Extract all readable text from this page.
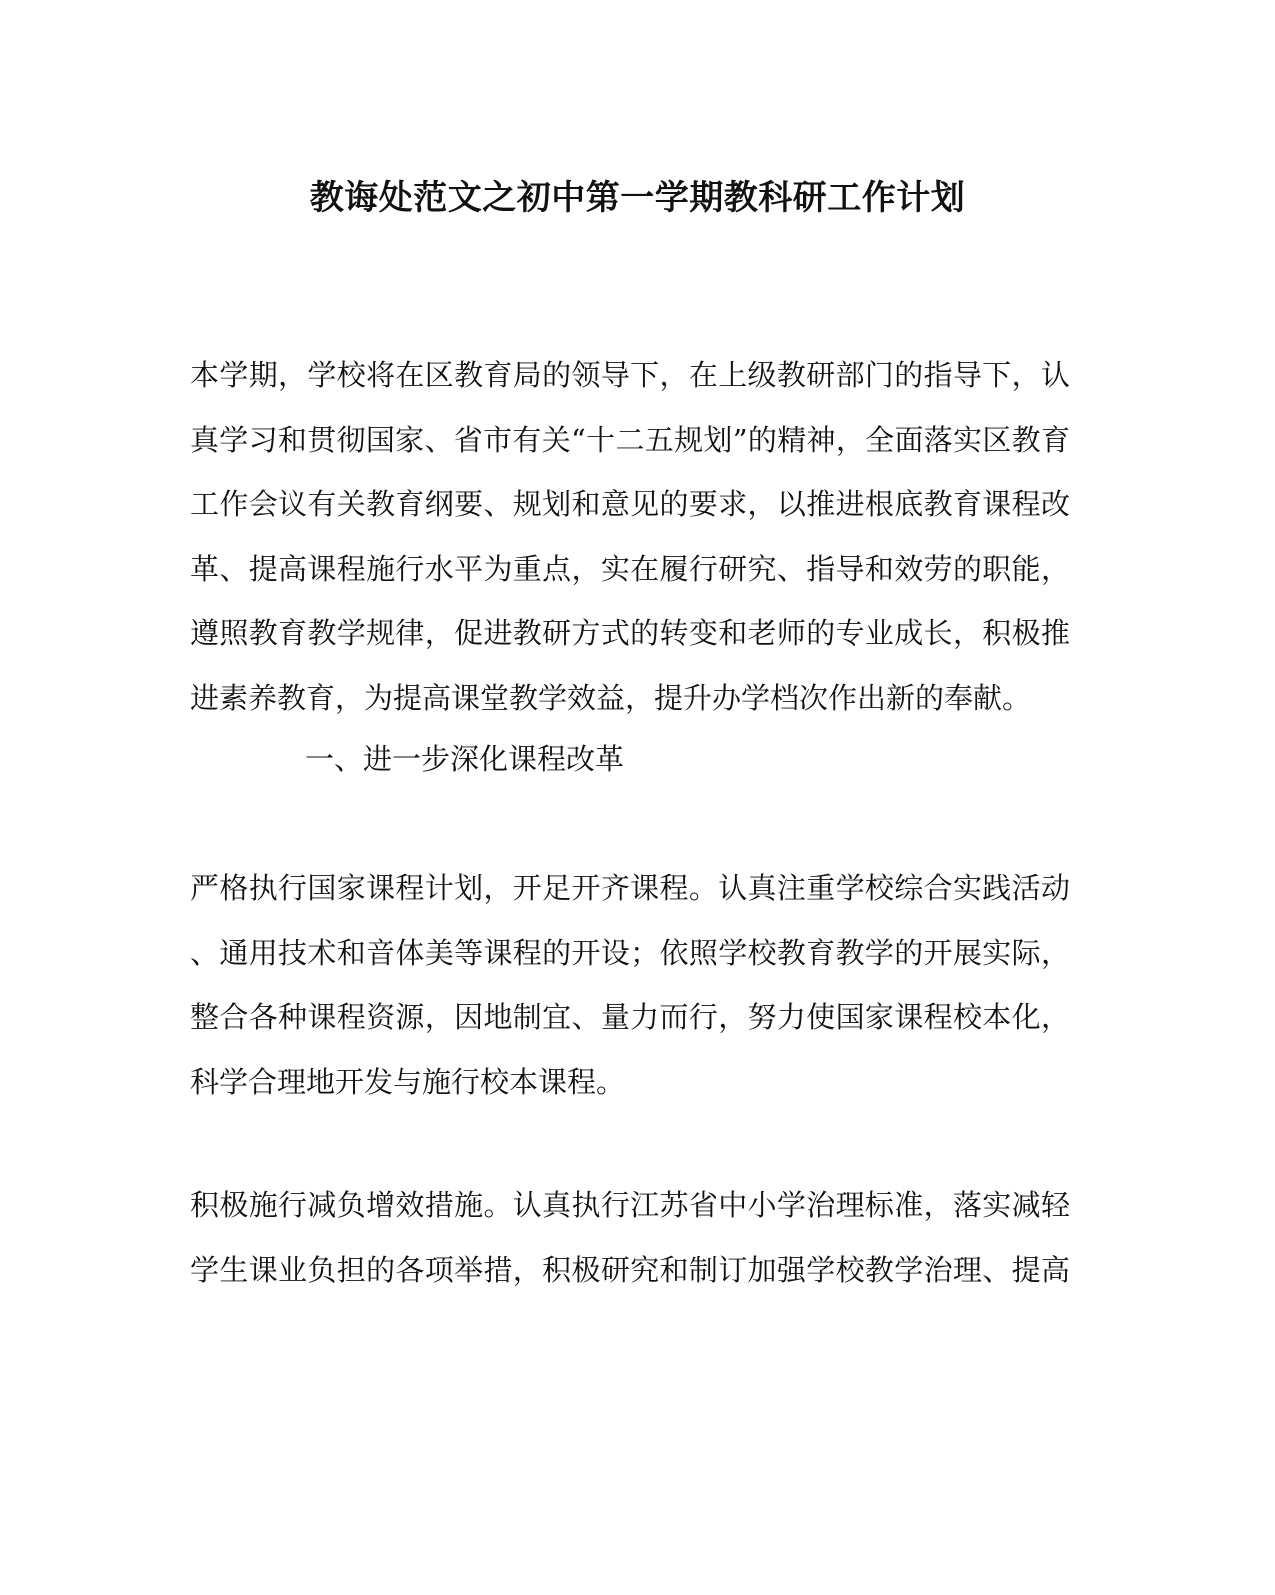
教诲处范文之初中第一学期教科研工作计划
本学期，学校将在区教育局的领导下，在上级教研部门的指导下，认
真学习和贯彻国家、省市有关“十二五规划”的精神，全面落实区教育
工作会议有关教育纲要、规划和意见的要求，以推进根底教育课程改
革、提高课程施行水平为重点，实在履行研究、指导和效劳的职能，
遵照教育教学规律，促进教研方式的转变和老师的专业成长，积极推
进素养教育，为提高课堂教学效益，提升办学档次作出新的奉献。
一、进一步深化课程改革
严格执行国家课程计划，开足开齐课程。认真注重学校综合实践活动
、通用技术和音体美等课程的开设；依照学校教育教学的开展实际，
整合各种课程资源，因地制宜、量力而行，努力使国家课程校本化，
科学合理地开发与施行校本课程。
积极施行减负增效措施。认真执行江苏省中小学治理标准，落实减轻
学生课业负担的各项举措，积极研究和制订加强学校教学治理、提高
